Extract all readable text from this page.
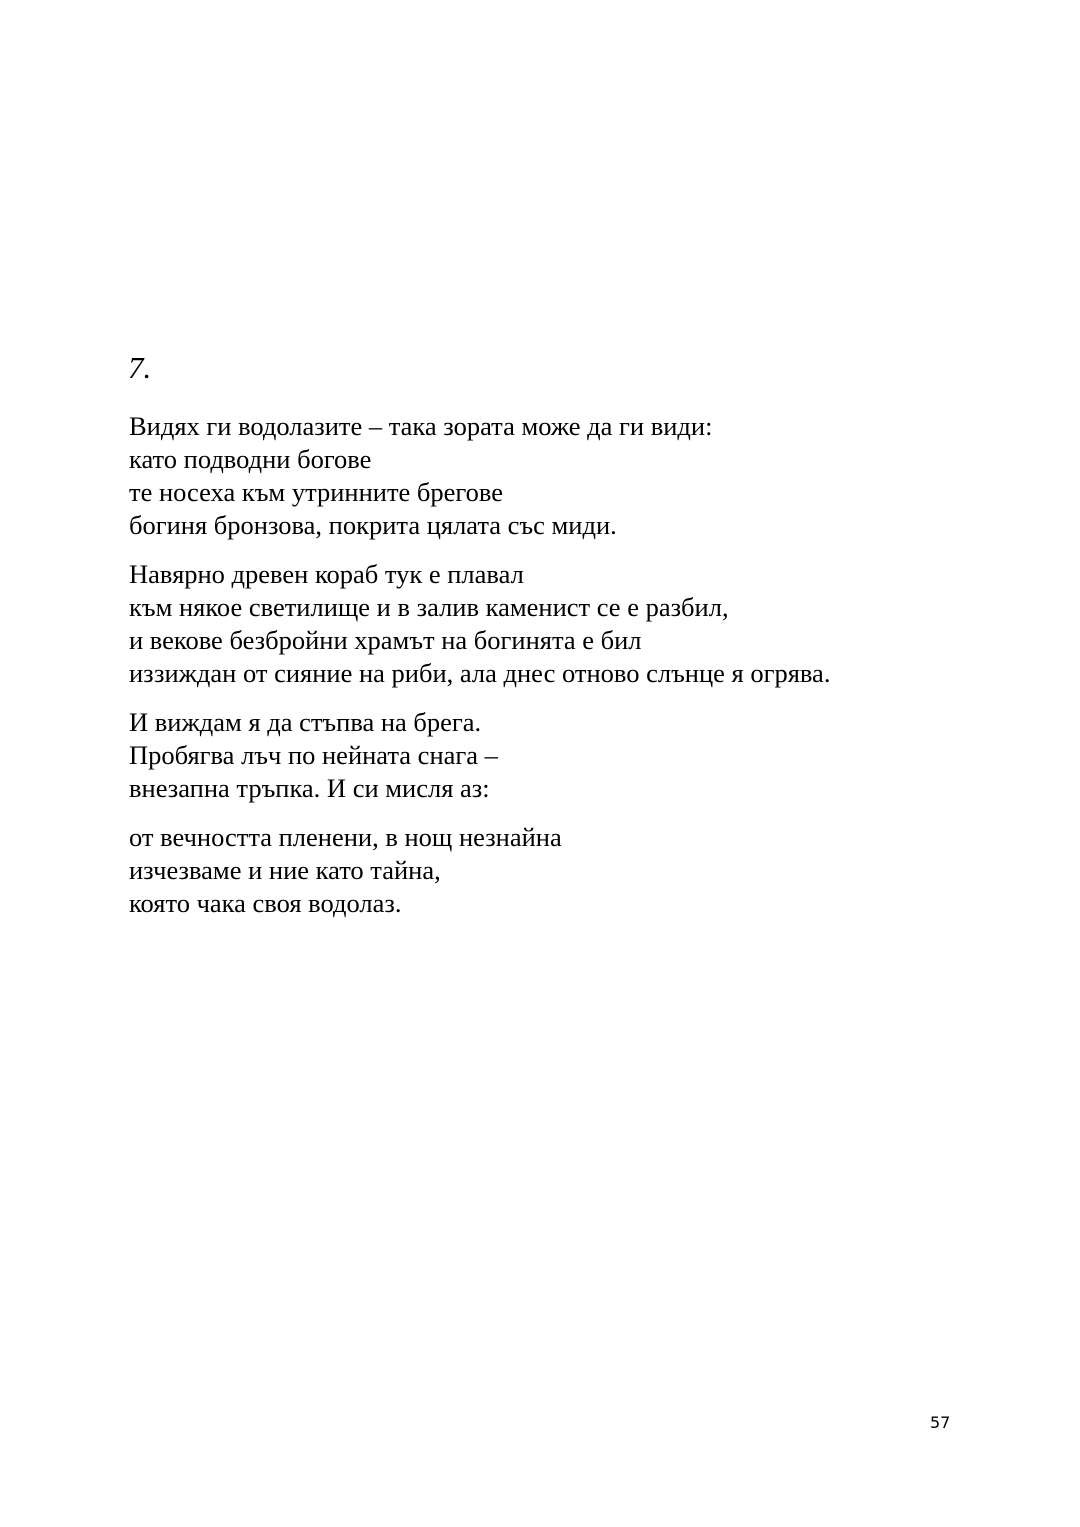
7.

Видях ги водолазите – така зората може да ги види:
като подводни богове
те носеха към утринните брегове
богиня бронзова, покрита цялата със миди.
Навярно древен кораб тук е плавал
към някое светилище и в залив каменист се е разбил,
и векове безбройни храмът на богинята е бил
иззиждан от сияние на риби, ала днес отново слънце я огрява.
И виждам я да стъпва на брега.
Пробягва лъч по нейната снага –
внезапна тръпка. И си мисля аз:
от вечността пленени, в нощ незнайна
изчезваме и ние като тайна,
която чака своя водолаз.

57
